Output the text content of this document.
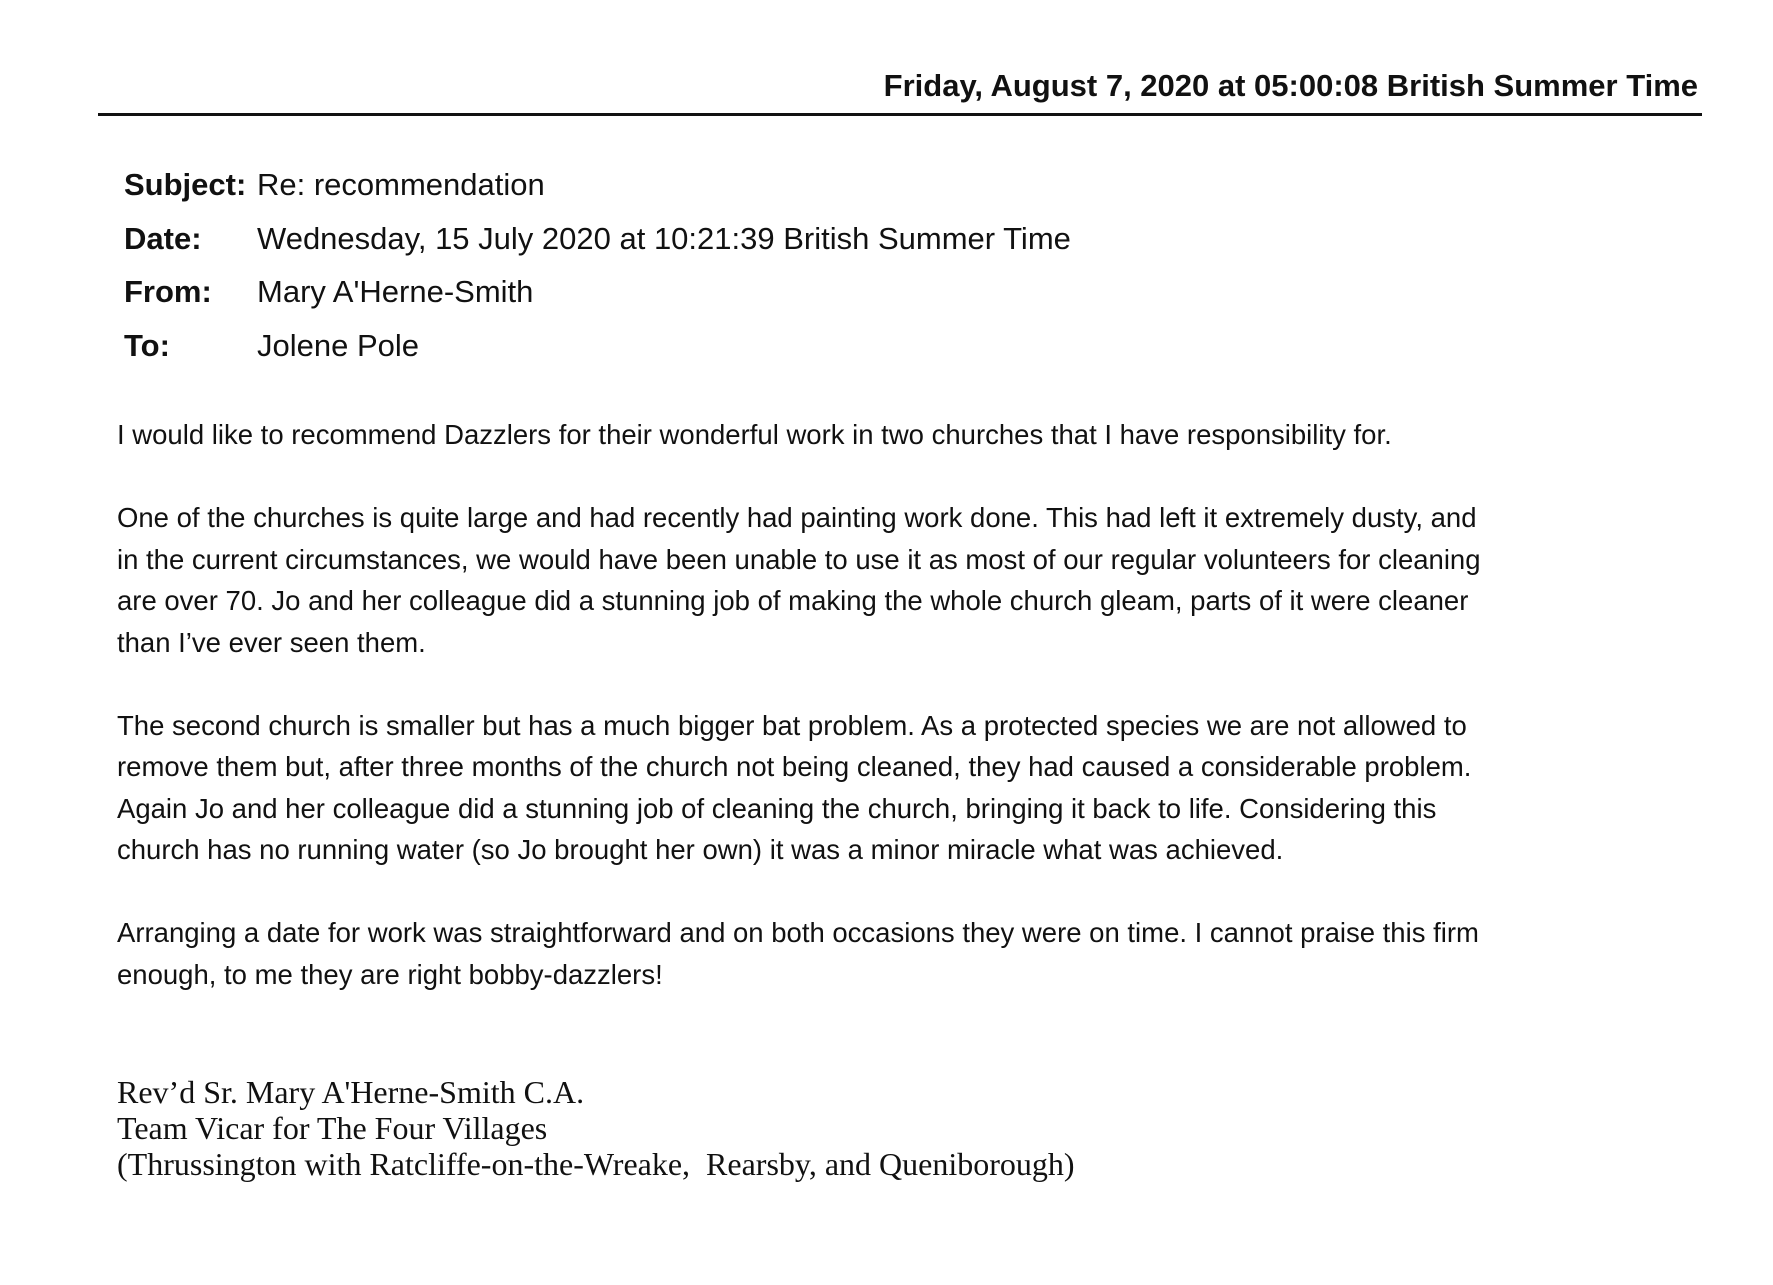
Friday, August 7, 2020 at 05:00:08 British Summer Time
Subject: Re: recommendation
Date: Wednesday, 15 July 2020 at 10:21:39 British Summer Time
From: Mary A'Herne-Smith
To:	Jolene Pole

I would like to recommend Dazzlers for their wonderful work in two churches that I have responsibility for.

One of the churches is quite large and had recently had painting work done. This had left it extremely dusty, and
in the current circumstances, we would have been unable to use it as most of our regular volunteers for cleaning
are over 70. Jo and her colleague did a stunning job of making the whole church gleam, parts of it were cleaner
than I’ve ever seen them.

The second church is smaller but has a much bigger bat problem. As a protected species we are not allowed to
remove them but, after three months of the church not being cleaned, they had caused a considerable problem.
Again Jo and her colleague did a stunning job of cleaning the church, bringing it back to life. Considering this
church has no running water (so Jo brought her own) it was a minor miracle what was achieved.

Arranging a date for work was straightforward and on both occasions they were on time. I cannot praise this firm
enough, to me they are right bobby-dazzlers!

Rev’d Sr. Mary A'Herne-Smith C.A.
Team Vicar for The Four Villages
(Thrussington with Ratcliffe-on-the-Wreake,  Rearsby, and Queniborough)
